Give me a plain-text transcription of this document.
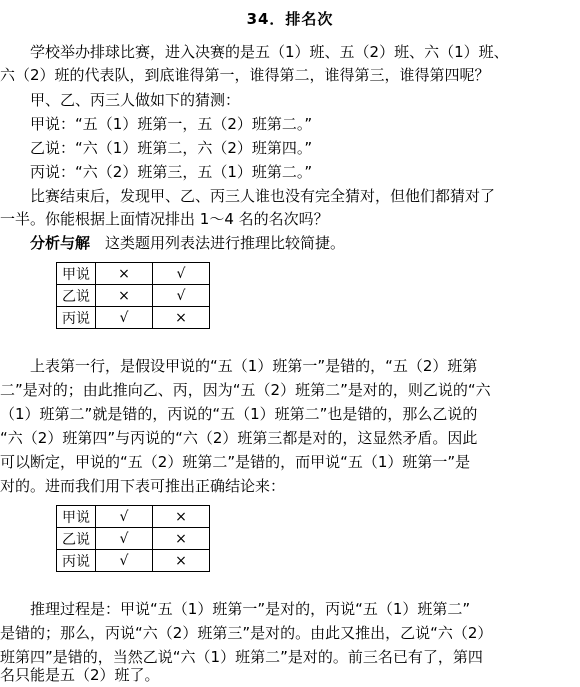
34．排名次
　　学校举办排球比赛，进入决赛的是五（1）班、五（2）班、六（1）班、
六（2）班的代表队，到底谁得第一，谁得第二，谁得第三，谁得第四呢？
　　甲、乙、丙三人做如下的猜测：
　　甲说：“五（1）班第一，五（2）班第二。”
　　乙说：“六（1）班第二，六（2）班第四。”
　　丙说：“六（2）班第三，五（1）班第二。”
　　比赛结束后，发现甲、乙、丙三人谁也没有完全猜对，但他们都猜对了
一半。你能根据上面情况排出 1～4 名的名次吗？
　　分析与解　 这类题用列表法进行推理比较简捷。
甲说	×	√
乙说	×	√
丙说	√	×
　　上表第一行，是假设甲说的“五（1）班第一”是错的，“五（2）班第
二”是对的；由此推向乙、丙，因为“五（2）班第二”是对的，则乙说的“六
（1）班第二”就是错的，丙说的“五（1）班第二”也是错的，那么乙说的
“六（2）班第四”与丙说的“六（2）班第三都是对的，这显然矛盾。因此
可以断定，甲说的“五（2）班第二”是错的，而甲说“五（1）班第一”是
对的。进而我们用下表可推出正确结论来：
甲说	√	×
乙说	√	×
丙说	√	×
　　推理过程是：甲说“五（1）班第一”是对的，丙说“五（1）班第二”
是错的；那么，丙说“六（2）班第三”是对的。由此又推出，乙说“六（2）
班第四”是错的，当然乙说“六（1）班第二”是对的。前三名已有了，第四
名只能是五（2）班了。
